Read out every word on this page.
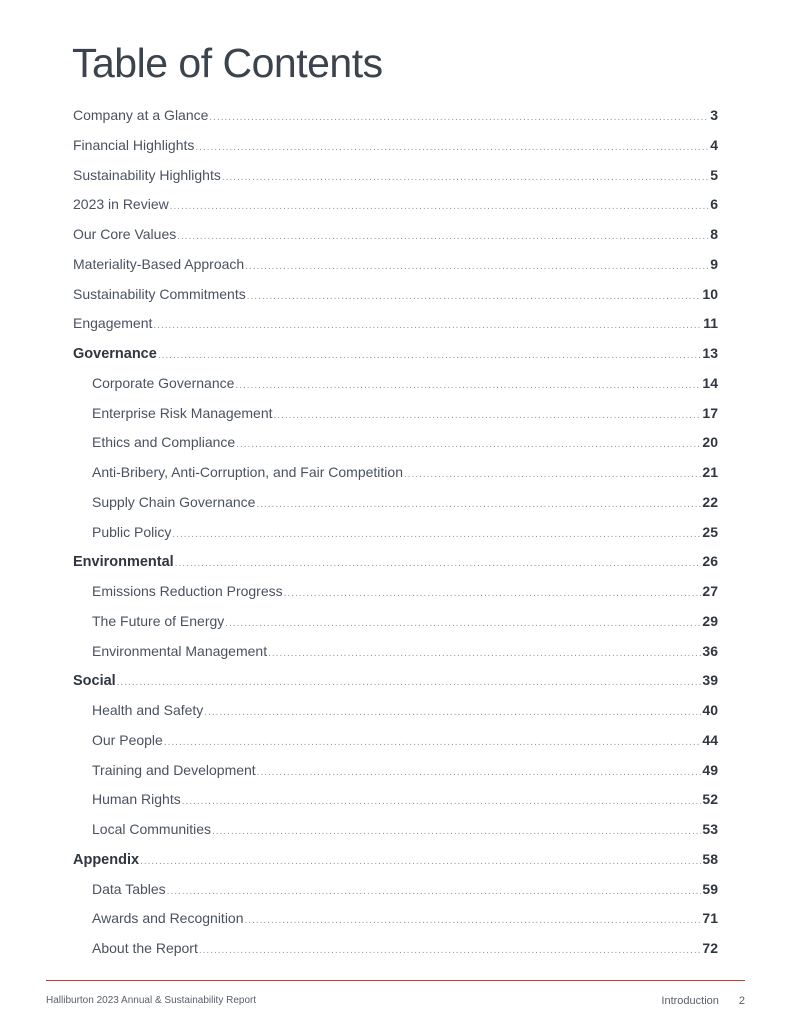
Table of Contents
Company at a Glance .....	3
Financial Highlights .....	4
Sustainability Highlights .....	5
2023 in Review .....	6
Our Core Values .....	8
Materiality-Based Approach .....	9
Sustainability Commitments .....	10
Engagement .....	11
Governance .....	13
Corporate Governance .....	14
Enterprise Risk Management .....	17
Ethics and Compliance .....	20
Anti-Bribery, Anti-Corruption, and Fair Competition .....	21
Supply Chain Governance .....	22
Public Policy .....	25
Environmental .....	26
Emissions Reduction Progress .....	27
The Future of Energy .....	29
Environmental Management .....	36
Social .....	39
Health and Safety .....	40
Our People .....	44
Training and Development .....	49
Human Rights .....	52
Local Communities .....	53
Appendix .....	58
Data Tables .....	59
Awards and Recognition .....	71
About the Report .....	72
Halliburton 2023 Annual & Sustainability Report	Introduction 2
